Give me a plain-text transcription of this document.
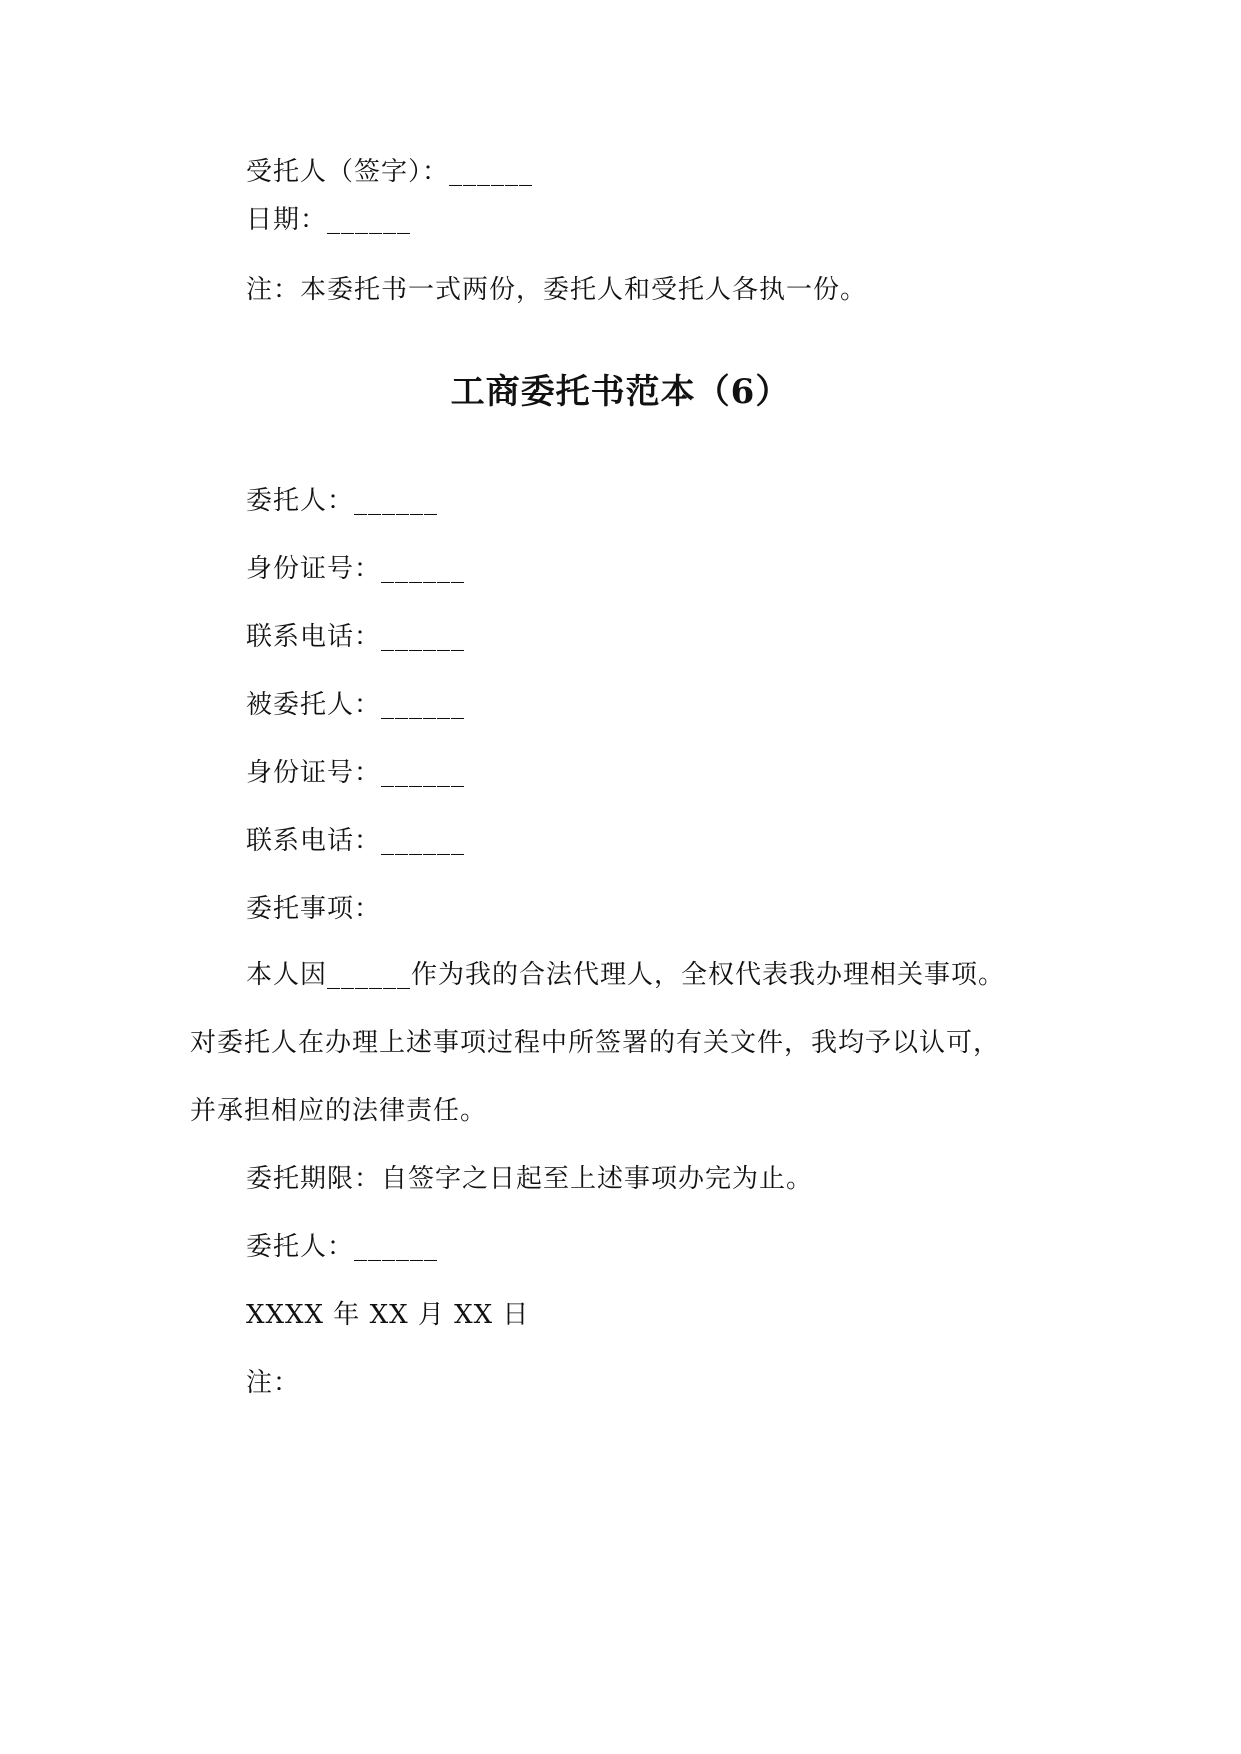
受托人（签字）：______
日期：______
注：本委托书一式两份，委托人和受托人各执一份。
工商委托书范本（6）
委托人：______
身份证号：______
联系电话：______
被委托人：______
身份证号：______
联系电话：______
委托事项：
本人因______作为我的合法代理人，全权代表我办理相关事项。
对委托人在办理上述事项过程中所签署的有关文件，我均予以认可，
并承担相应的法律责任。
委托期限：自签字之日起至上述事项办完为止。
委托人：______
XXXX 年 XX 月 XX 日
注：
